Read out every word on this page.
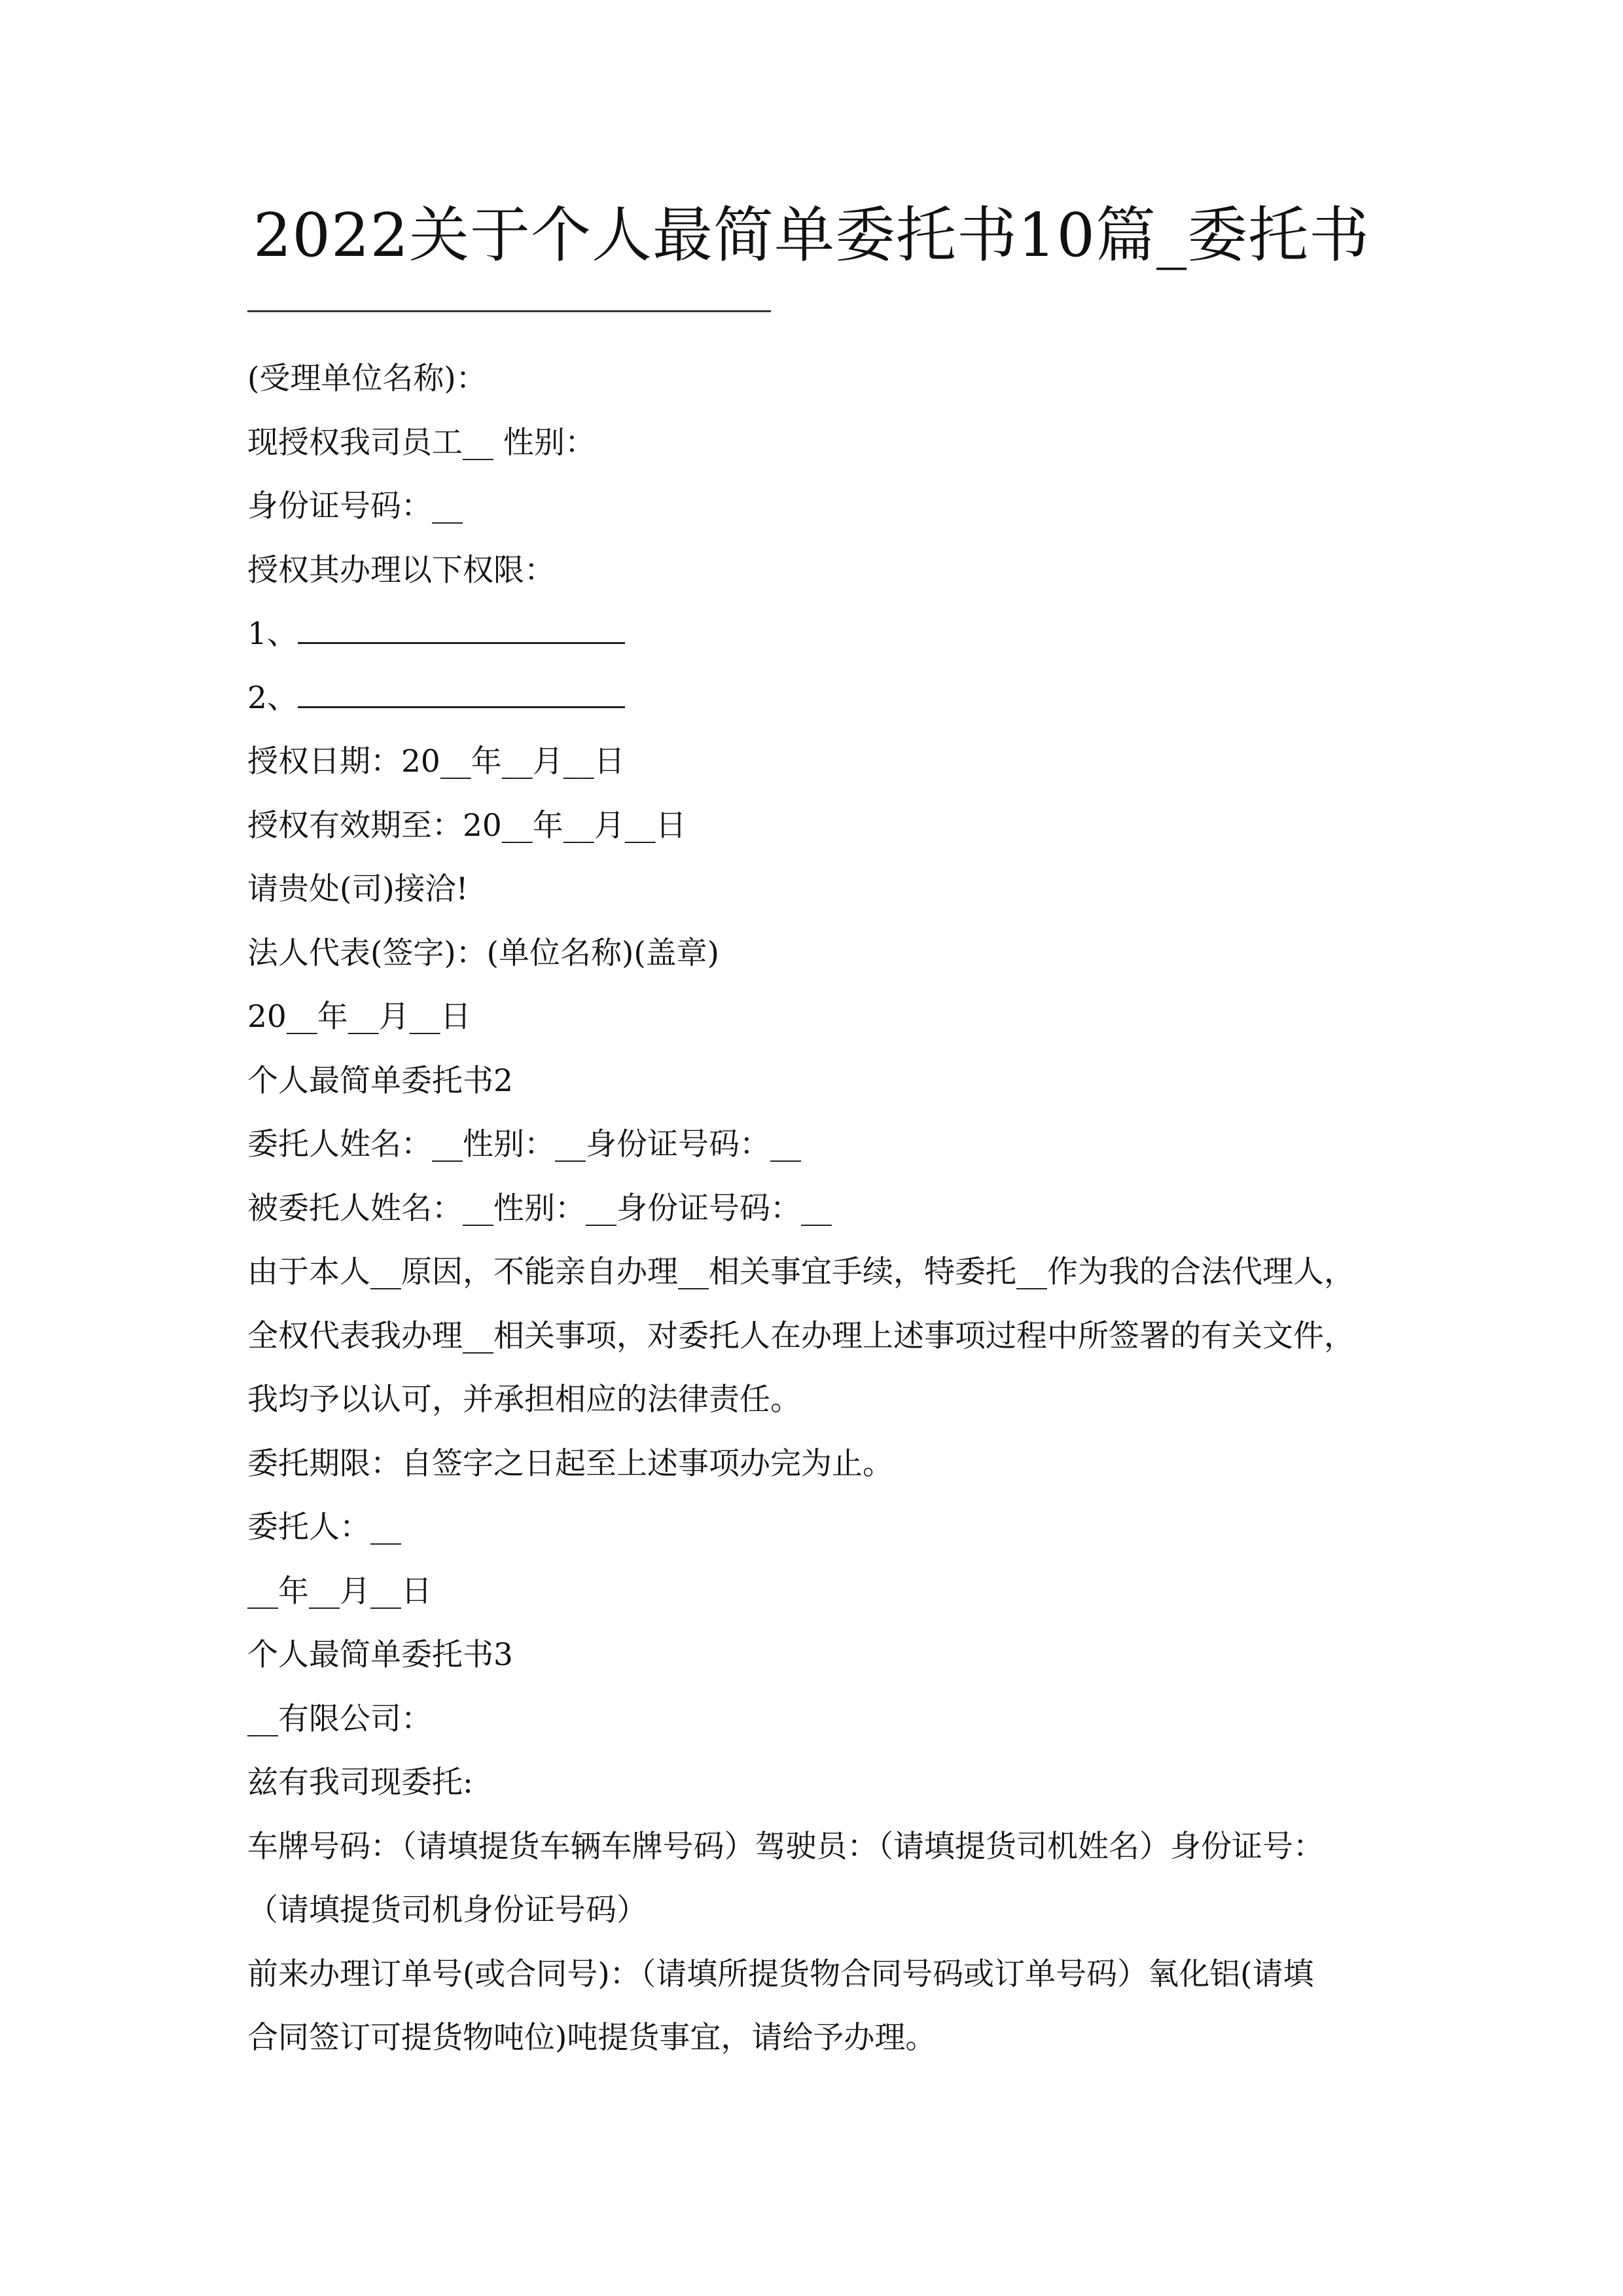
2022关于个人最简单委托书10篇_委托书
(受理单位名称)：
现授权我司员工__ 性别：
身份证号码：__
授权其办理以下权限：
1、
2、
授权日期：20__年__月__日
授权有效期至：20__年__月__日
请贵处(司)接洽!
法人代表(签字)：(单位名称)(盖章)
20__年__月__日
个人最简单委托书2
委托人姓名：__性别：__身份证号码：__
被委托人姓名：__性别：__身份证号码：__
由于本人__原因，不能亲自办理__相关事宜手续，特委托__作为我的合法代理人，
全权代表我办理__相关事项，对委托人在办理上述事项过程中所签署的有关文件，
我均予以认可，并承担相应的法律责任。
委托期限：自签字之日起至上述事项办完为止。
委托人：__
__年__月__日
个人最简单委托书3
__有限公司：
兹有我司现委托:
车牌号码：（请填提货车辆车牌号码）驾驶员：（请填提货司机姓名）身份证号：
（请填提货司机身份证号码）
前来办理订单号(或合同号)：（请填所提货物合同号码或订单号码）氧化铝(请填
合同签订可提货物吨位)吨提货事宜，请给予办理。
